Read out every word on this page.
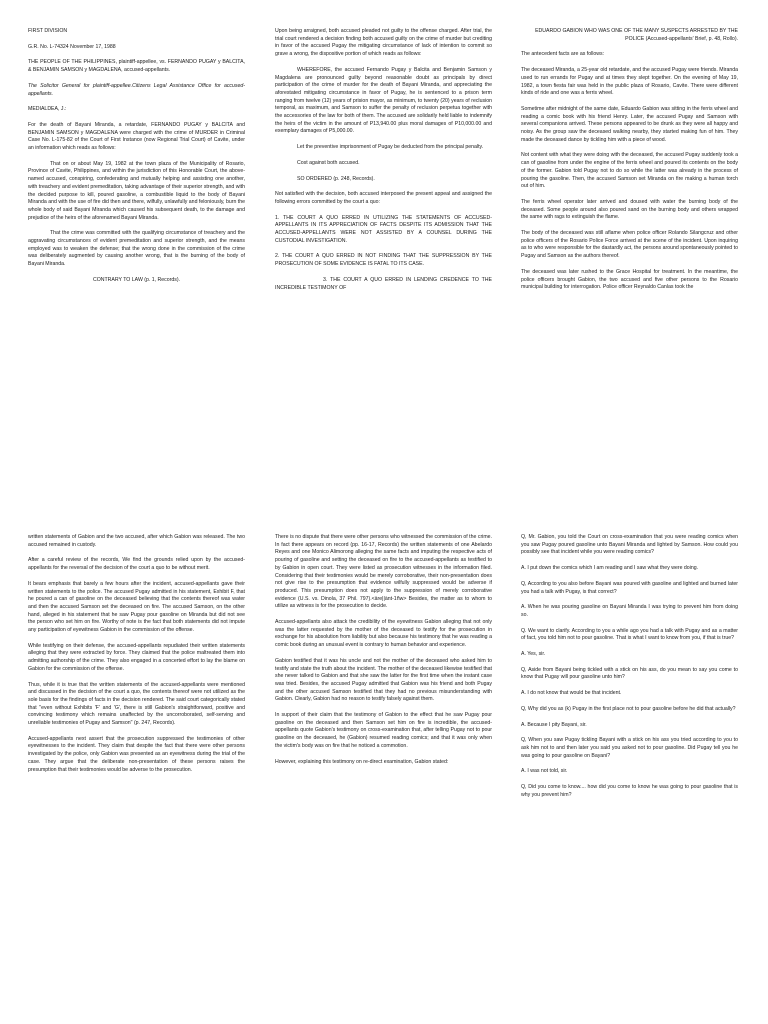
FIRST DIVISION

G.R. No. L-74324 November 17, 1988

THE PEOPLE OF THE PHILIPPINES, plaintiff-appellee, vs. FERNANDO PUGAY y BALCITA, & BENJAMIN SAMSON y MAGDALENA, accused-appellants.

The Solicitor General for plaintiff-appellee.Citizens Legal Assistance Office for accused-appellants.

MEDIALDEA, J.:

For the death of Bayani Miranda, a retardate, FERNANDO PUGAY y BALCITA and BENJAMIN SAMSON y MAGDALENA were charged with the crime of MURDER in Criminal Case No. L-175-82 of the Court of First Instance (now Regional Trial Court) of Cavite, under an information which reads as follows:

That on or about May 19, 1982 at the town plaza of the Municipality of Rosario, Province of Cavite, Philippines, and within the jurisdiction of this Honorable Court, the above-named accused, conspiring, confederating and mutually helping and assisting one another, with treachery and evident premeditation, taking advantage of their superior strength, and with the decided purpose to kill, poured gasoline, a combustible liquid to the body of Bayani Miranda and with the use of fire did then and there, wilfully, unlawfully and feloniously, burn the whole body of said Bayani Miranda which caused his subsequent death, to the damage and prejudice of the heirs of the aforenamed Bayani Miranda.

That the crime was committed with the qualifying circumstance of treachery and the aggravating circumstances of evident premeditation and superior strength, and the means employed was to weaken the defense; that the wrong done in the commission of the crime was deliberately augmented by causing another wrong, that is the burning of the body of Bayani Miranda.

CONTRARY TO LAW (p. 1, Records).

Upon being arraigned, both accused pleaded not guilty to the offense charged. After trial, the trial court rendered a decision finding both accused guilty on the crime of murder but crediting in favor of the accused Pugay the mitigating circumstance of lack of intention to commit so grave a wrong, the dispositive portion of which reads as follows:

WHEREFORE, the accused Fernando Pugay y Balcita and Benjamin Samson y Magdalena are pronounced guilty beyond reasonable doubt as principals by direct participation of the crime of murder for the death of Bayani Miranda, and appreciating the aforestated mitigating circumstance in favor of Pugay, he is sentenced to a prison term ranging from twelve (12) years of prision mayor, as minimum, to twenty (20) years of reclusion temporal, as maximum, and Samson to suffer the penalty of reclusion perpetua together with the accessories of the law for both of them. The accused are solidarily held liable to indemnify the heirs of the victim in the amount of P13,940.00 plus moral damages of P10,000.00 and exemplary damages of P5,000.00.

Let the preventive imprisonment of Pugay be deducted from the principal penalty.

Cost against both accused.

SO ORDERED (p. 248, Records).

Not satisfied with the decision, both accused interposed the present appeal and assigned the following errors committed by the court a quo:

1. THE COURT A QUO ERRED IN UTILIZING THE STATEMENTS OF ACCUSED-APPELLANTS IN ITS APPRECIATION OF FACTS DESPITE ITS ADMISSION THAT THE ACCUSED-APPELLANTS WERE NOT ASSISTED BY A COUNSEL DURING THE CUSTODIAL INVESTIGATION.

2. THE COURT A QUO ERRED IN NOT FINDING THAT THE SUPPRESSION BY THE PROSECUTION OF SOME EVIDENCE IS FATAL TO ITS CASE.

3. THE COURT A QUO ERRED IN LENDING CREDENCE TO THE INCREDIBLE TESTIMONY OF

EDUARDO GABION WHO WAS ONE OF THE MANY SUSPECTS ARRESTED BY THE POLICE (Accused-appellants' Brief, p. 48, Rollo).

The antecedent facts are as follows:

The deceased Miranda, a 25-year old retardate, and the accused Pugay were friends. Miranda used to run errands for Pugay and at times they slept together. On the evening of May 19, 1982, a town fiesta fair was held in the public plaza of Rosario, Cavite. There were different kinds of ride and one was a ferris wheel.

Sometime after midnight of the same date, Eduardo Gabion was sitting in the ferris wheel and reading a comic book with his friend Henry. Later, the accused Pugay and Samson with several companions arrived. These persons appeared to be drunk as they were all happy and noisy. As the group saw the deceased walking nearby, they started making fun of him. They made the deceased dance by tickling him with a piece of wood.

Not content with what they were doing with the deceased, the accused Pugay suddenly took a can of gasoline from under the engine of the ferris wheel and poured its contents on the body of the former. Gabion told Pugay not to do so while the latter was already in the process of pouring the gasoline. Then, the accused Samson set Miranda on fire making a human torch out of him.

The ferris wheel operator later arrived and doused with water the burning body of the deceased. Some people around also poured sand on the burning body and others wrapped the same with rags to extinguish the flame.

The body of the deceased was still aflame when police officer Rolando Silangcruz and other police officers of the Rosario Police Force arrived at the scene of the incident. Upon inquiring as to who were responsible for the dastardly act, the persons around spontaneously pointed to Pugay and Samson as the authors thereof.

The deceased was later rushed to the Grace Hospital for treatment. In the meantime, the police officers brought Gabion, the two accused and five other persons to the Rosario municipal building for interrogation. Police officer Reynaldo Canlas took the

written statements of Gabion and the two accused, after which Gabion was released. The two accused remained in custody.

After a careful review of the records, We find the grounds relied upon by the accused-appellants for the reversal of the decision of the court a quo to be without merit.

It bears emphasis that barely a few hours after the incident, accused-appellants gave their written statements to the police. The accused Pugay admitted in his statement, Exhibit F, that he poured a can of gasoline on the deceased believing that the contents thereof was water and then the accused Samson set the deceased on fire. The accused Samson, on the other hand, alleged in his statement that he saw Pugay pour gasoline on Miranda but did not see the person who set him on fire. Worthy of note is the fact that both statements did not impute any participation of eyewitness Gabion in the commission of the offense.

While testifying on their defense, the accused-appellants repudiated their written statements alleging that they were extracted by force. They claimed that the police maltreated them into admitting authorship of the crime. They also engaged in a concerted effort to lay the blame on Gabion for the commission of the offense.

Thus, while it is true that the written statements of the accused-appellants were mentioned and discussed in the decision of the court a quo, the contents thereof were not utilized as the sole basis for the findings of facts in the decision rendered. The said court categorically stated that "even without Exhibits 'F' and 'G', there is still Gabion's straightforward, positive and convincing testimony which remains unaffected by the uncorroborated, self-serving and unreliable testimonies of Pugay and Samson" (p. 247, Records).

Accused-appellants next assert that the prosecution suppressed the testimonies of other eyewitnesses to the incident. They claim that despite the fact that there were other persons investigated by the police, only Gabion was presented as an eyewitness during the trial of the case. They argue that the deliberate non-presentation of these persons raises the presumption that their testimonies would be adverse to the prosecution.

There is no dispute that there were other persons who witnessed the commission of the crime. In fact there appears on record (pp. 16-17, Records) the written statements of one Abelardo Reyes and one Monico Alimorong alleging the same facts and imputing the respective acts of pouring of gasoline and setting the deceased on fire to the accused-appellants as testified to by Gabion in open court. They were listed as prosecution witnesses in the information filed. Considering that their testimonies would be merely corroborative, their non-presentation does not give rise to the presumption that evidence wilfully suppressed would be adverse if produced. This presumption does not apply to the suppression of merely corroborative evidence (U.S. vs. Dinola, 37 Phil. 797).<äre||ànt-1ñw> Besides, the matter as to whom to utilize as witness is for the prosecution to decide.

Accused-appellants also attack the credibility of the eyewitness Gabion alleging that not only was the latter requested by the mother of the deceased to testify for the prosecution in exchange for his absolution from liability but also because his testimony that he was reading a comic book during an unusual event is contrary to human behavior and experience.

Gabion testified that it was his uncle and not the mother of the deceased who asked him to testify and state the truth about the incident. The mother of the deceased likewise testified that she never talked to Gabion and that she saw the latter for the first time when the instant case was tried. Besides, the accused Pugay admitted that Gabion was his friend and both Pugay and the other accused Samson testified that they had no previous misunderstanding with Gabion. Clearly, Gabion had no reason to testify falsely against them.

In support of their claim that the testimony of Gabion to the effect that he saw Pugay pour gasoline on the deceased and then Samson set him on fire is incredible, the accused-appellants quote Gabion's testimony on cross-examination that, after telling Pugay not to pour gasoline on the deceased, he (Gabion) resumed reading comics; and that it was only when the victim's body was on fire that he noticed a commotion.

However, explaining this testimony on re-direct examination, Gabion stated:

Q, Mr. Gabion, you told the Court on cross-examination that you were reading comics when you saw Pugay poured gasoline unto Bayani Miranda and lighted by Samson. How could you possibly see that incident while you were reading comics?

A. I put down the comics which I am reading and I saw what they were doing.

Q, According to you also before Bayani was poured with gasoline and lighted and burned later you had a talk with Pugay, is that correct?

A. When he was pouring gasoline on Bayani Miranda I was trying to prevent him from doing so.

Q. We want to clarify. According to you a while ago you had a talk with Pugay and as a matter of fact, you told him not to pour gasoline. That is what I want to know from you, if that is true?

A. Yes, sir.

Q, Aside from Bayani being tickled with a stick on his ass, do you mean to say you come to know that Pugay will pour gasoline unto him?

A. I do not know that would be that incident.

Q, Why did you as (k) Pugay in the first place not to pour gasoline before he did that actually?

A. Because I pity Bayani, sir.

Q, When you saw Pugay tickling Bayani with a stick on his ass you tried according to you to ask him not to and then later you said you asked not to pour gasoline. Did Pugay tell you he was going to pour gasoline on Bayani?

A. I was not told, sir.

Q, Did you come to know.... how did you come to know he was going to pour gasoline that is why you prevent him?
